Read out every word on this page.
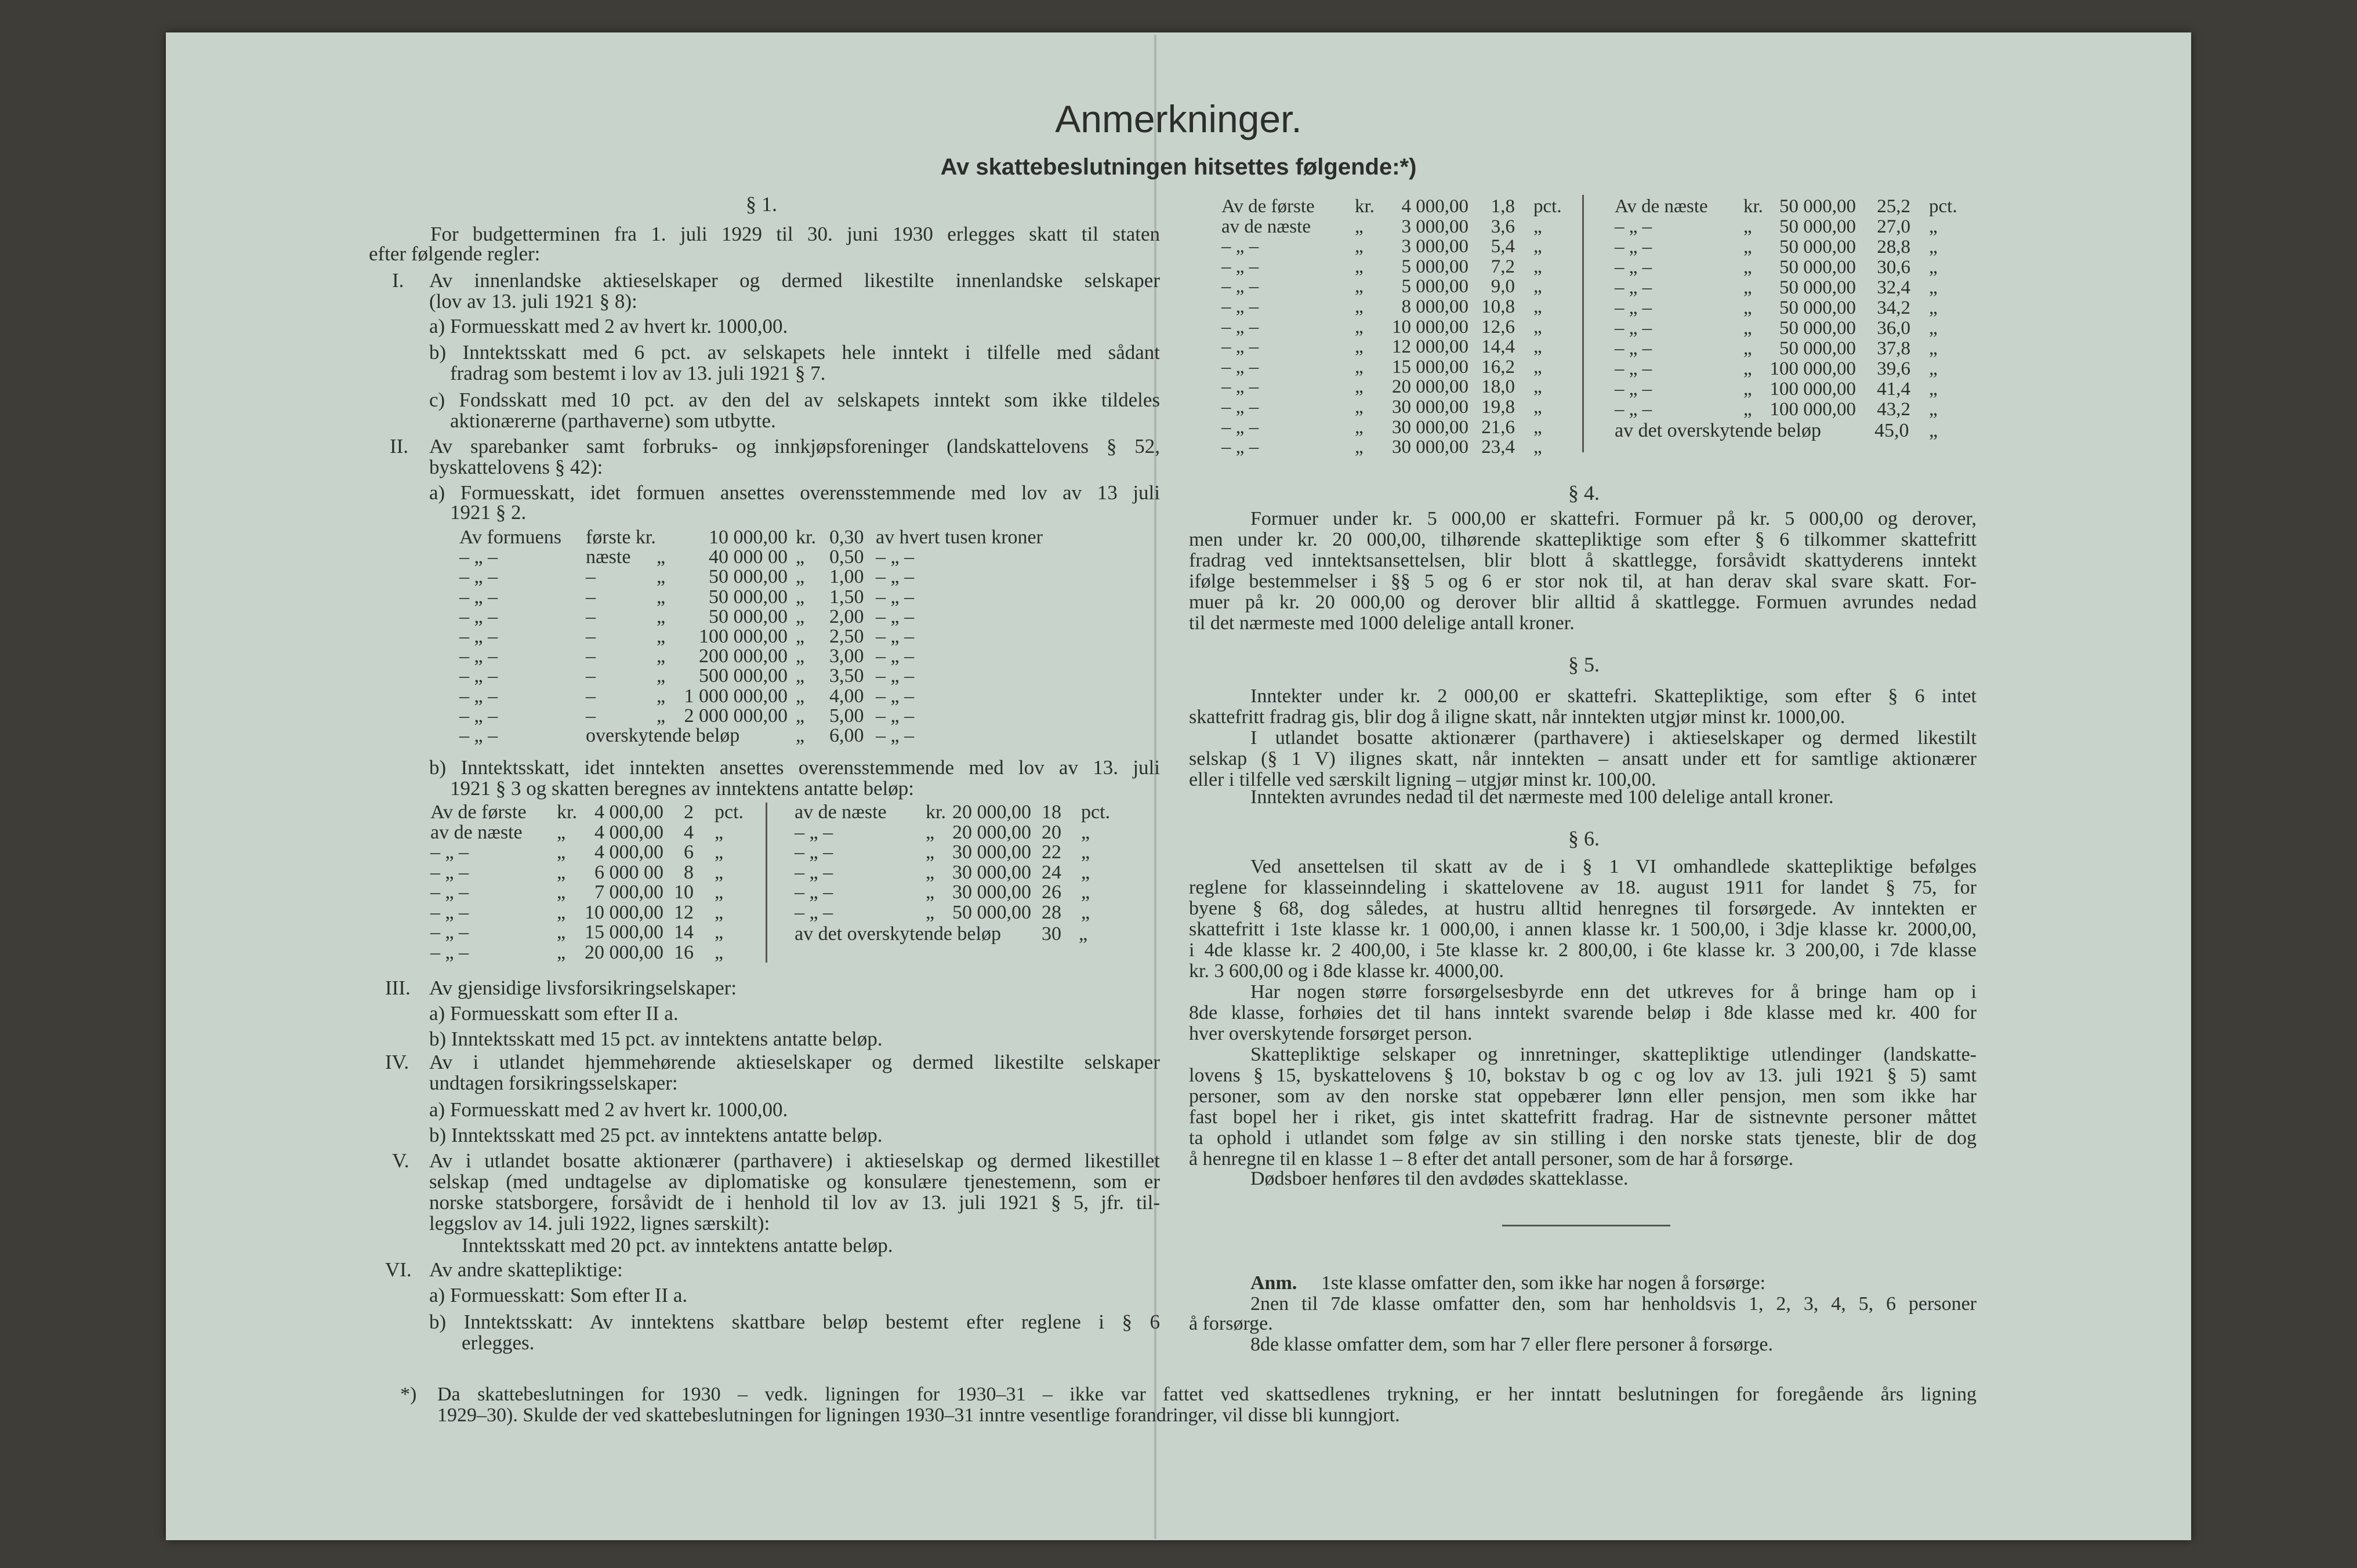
Anmerkninger.
Av skattebeslutningen hitsettes følgende:*)
§ 1.
For budgetterminen fra 1. juli 1929 til 30. juni 1930 erlegges skatt til staten
efter følgende regler:
I. Av innenlandske aktieselskaper og dermed likestilte innenlandske selskaper
(lov av 13. juli 1921 § 8):
a) Formuesskatt med 2 av hvert kr. 1000,00.
b) Inntektsskatt med 6 pct. av selskapets hele inntekt i tilfelle med sådant
fradrag som bestemt i lov av 13. juli 1921 § 7.
c) Fondsskatt med 10 pct. av den del av selskapets inntekt som ikke tildeles
aktionærerne (parthaverne) som utbytte.
II. Av sparebanker samt forbruks- og innkjøpsforeninger (landskattelovens § 52,
byskattelovens § 42):
a) Formuesskatt, idet formuen ansettes overensstemmende med lov av 13 juli
1921 § 2.
Av formuens første kr.	10 000,00 kr. 0,30 av hvert tusen kroner
– „ –	næste „	40 000 00 „ 0,50 – „ –
– „ –	–	„	50 000,00 „ 1,00 – „ –
– „ –	–	„	50 000,00 „ 1,50 – „ –
– „ –	–	„	50 000,00 „ 2,00 – „ –
– „ –	–	„	100 000,00 „ 2,50 – „ –
– „ –	–	„	200 000,00 „ 3,00 – „ –
– „ –	–	„	500 000,00 „ 3,50 – „ –
– „ –	–	„ 1 000 000,00 „ 4,00 – „ –
– „ –	–	„ 2 000 000,00 „ 5,00 – „ –
– „ –	overskytende beløp	„ 6,00 – „ –
b) Inntektsskatt, idet inntekten ansettes overensstemmende med lov av 13. juli
1921 § 3 og skatten beregnes av inntektens antatte beløp:
Av de første kr. 4 000,00	2 pct.
av de næste „	4 000,00	4 „
– „ –	„	4 000,00	6 „
– „ –	„	6 000 00	8 „
– „ –	„	7 000,00 10 „
– „ –	„ 10 000,00 12 „
– „ –	„ 15 000,00 14 „
– „ –	„ 20 000,00 16 „
av de næste kr. 20 000,00 18 pct.
– „ –	„ 20 000,00 20 „
– „ –	„ 30 000,00 22 „
– „ –	„ 30 000,00 24 „
– „ –	„ 30 000,00 26 „
– „ –	„ 50 000,00 28 „
av det overskytende beløp 30 „
III. Av gjensidige livsforsikringselskaper:
a) Formuesskatt som efter II a.
b) Inntektsskatt med 15 pct. av inntektens antatte beløp.
IV. Av i utlandet hjemmehørende aktieselskaper og dermed likestilte selskaper
undtagen forsikringsselskaper:
a) Formuesskatt med 2 av hvert kr. 1000,00.
b) Inntektsskatt med 25 pct. av inntektens antatte beløp.
V. Av i utlandet bosatte aktionærer (parthavere) i aktieselskap og dermed likestillet
selskap (med undtagelse av diplomatiske og konsulære tjenestemenn, som er
norske statsborgere, forsåvidt de i henhold til lov av 13. juli 1921 § 5, jfr. til-
leggslov av 14. juli 1922, lignes særskilt):
Inntektsskatt med 20 pct. av inntektens antatte beløp.
VI. Av andre skattepliktige:
a) Formuesskatt: Som efter II a.
b) Inntektsskatt: Av inntektens skattbare beløp bestemt efter reglene i § 6
erlegges.
Av de første kr.	4 000,00	1,8 pct.
av de næste „	3 000,00	3,6 „
– „ –	„	3 000,00	5,4 „
– „ –	„	5 000,00	7,2 „
– „ –	„	5 000,00	9,0 „
– „ –	„	8 000,00 10,8 „
– „ –	„	10 000,00 12,6 „
– „ –	„	12 000,00 14,4 „
– „ –	„	15 000,00 16,2 „
– „ –	„	20 000,00 18,0 „
– „ –	„	30 000,00 19,8 „
– „ –	„	30 000,00 21,6 „
– „ –	„	30 000,00 23,4 „
Av de næste kr. 50 000,00	25,2 pct.
– „ –	„	50 000,00	27,0 „
– „ –	„	50 000,00	28,8 „
– „ –	„	50 000,00	30,6 „
– „ –	„	50 000,00	32,4 „
– „ –	„	50 000,00	34,2 „
– „ –	„	50 000,00	36,0 „
– „ –	„	50 000,00	37,8 „
– „ –	„ 100 000,00	39,6 „
– „ –	„ 100 000,00	41,4 „
– „ –	„ 100 000,00	43,2 „
av det overskytende beløp	45,0 „
§ 4.
Formuer under kr. 5 000,00 er skattefri. Formuer på kr. 5 000,00 og derover,
men under kr. 20 000,00, tilhørende skattepliktige som efter § 6 tilkommer skattefritt
fradrag ved inntektsansettelsen, blir blott å skattlegge, forsåvidt skattyderens inntekt
ifølge bestemmelser i §§ 5 og 6 er stor nok til, at han derav skal svare skatt. For-
muer på kr. 20 000,00 og derover blir alltid å skattlegge. Formuen avrundes nedad
til det nærmeste med 1000 delelige antall kroner.
§ 5.
Inntekter under kr. 2 000,00 er skattefri. Skattepliktige, som efter § 6 intet
skattefritt fradrag gis, blir dog å iligne skatt, når inntekten utgjør minst kr. 1000,00.
I utlandet bosatte aktionærer (parthavere) i aktieselskaper og dermed likestilt
selskap (§ 1 V) ilignes skatt, når inntekten – ansatt under ett for samtlige aktionærer
eller i tilfelle ved særskilt ligning – utgjør minst kr. 100,00.
Inntekten avrundes nedad til det nærmeste med 100 delelige antall kroner.
§ 6.
Ved ansettelsen til skatt av de i § 1 VI omhandlede skattepliktige befølges
reglene for klasseinndeling i skattelovene av 18. august 1911 for landet § 75, for
byene § 68, dog således, at hustru alltid henregnes til forsørgede. Av inntekten er
skattefritt i 1ste klasse kr. 1 000,00, i annen klasse kr. 1 500,00, i 3dje klasse kr. 2000,00,
i 4de klasse kr. 2 400,00, i 5te klasse kr. 2 800,00, i 6te klasse kr. 3 200,00, i 7de klasse
kr. 3 600,00 og i 8de klasse kr. 4000,00.
Har nogen større forsørgelsesbyrde enn det utkreves for å bringe ham op i
8de klasse, forhøies det til hans inntekt svarende beløp i 8de klasse med kr. 400 for
hver overskytende forsørget person.
Skattepliktige selskaper og innretninger, skattepliktige utlendinger (landskatte-
lovens § 15, byskattelovens § 10, bokstav b og c og lov av 13. juli 1921 § 5) samt
personer, som av den norske stat oppebærer lønn eller pensjon, men som ikke har
fast bopel her i riket, gis intet skattefritt fradrag. Har de sistnevnte personer måttet
ta ophold i utlandet som følge av sin stilling i den norske stats tjeneste, blir de dog
å henregne til en klasse 1 – 8 efter det antall personer, som de har å forsørge.
Dødsboer henføres til den avdødes skatteklasse.
Anm. 1ste klasse omfatter den, som ikke har nogen å forsørge:
2nen til 7de klasse omfatter den, som har henholdsvis 1, 2, 3, 4, 5, 6 personer
å forsørge.
8de klasse omfatter dem, som har 7 eller flere personer å forsørge.
*) Da skattebeslutningen for 1930 – vedk. ligningen for 1930–31 – ikke var fattet ved skattsedlenes trykning, er her inntatt beslutningen for foregående års ligning
1929–30). Skulde der ved skattebeslutningen for ligningen 1930–31 inntre vesentlige forandringer, vil disse bli kunngjort.
